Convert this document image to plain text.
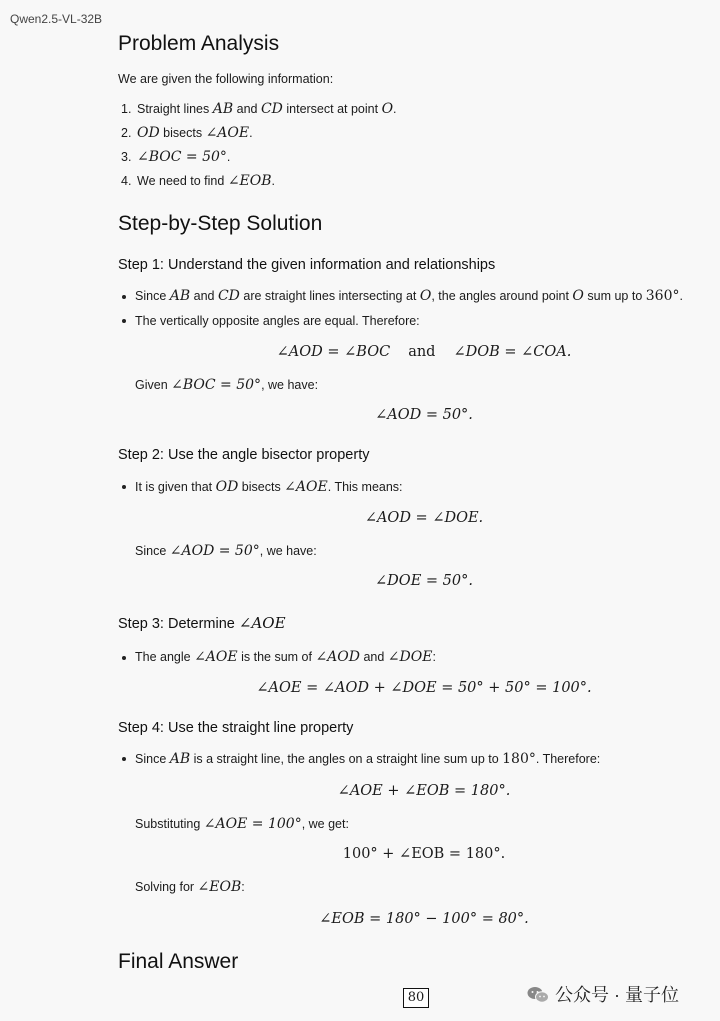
Qwen2.5-VL-32B
Problem Analysis
We are given the following information:
1. Straight lines AB and CD intersect at point O.
2. OD bisects ∠AOE.
3. ∠BOC = 50°.
4. We need to find ∠EOB.
Step-by-Step Solution
Step 1: Understand the given information and relationships
Since AB and CD are straight lines intersecting at O, the angles around point O sum up to 360°.
The vertically opposite angles are equal. Therefore:
∠AOD = ∠BOC and ∠DOB = ∠COA.
Given ∠BOC = 50°, we have:
∠AOD = 50°.
Step 2: Use the angle bisector property
It is given that OD bisects ∠AOE. This means:
∠AOD = ∠DOE.
Since ∠AOD = 50°, we have:
∠DOE = 50°.
Step 3: Determine ∠AOE
The angle ∠AOE is the sum of ∠AOD and ∠DOE:
∠AOE = ∠AOD + ∠DOE = 50° + 50° = 100°.
Step 4: Use the straight line property
Since AB is a straight line, the angles on a straight line sum up to 180°. Therefore:
∠AOE + ∠EOB = 180°.
Substituting ∠AOE = 100°, we get:
100° + ∠EOB = 180°.
Solving for ∠EOB:
∠EOB = 180° − 100° = 80°.
Final Answer
80	公众号 · 量子位
